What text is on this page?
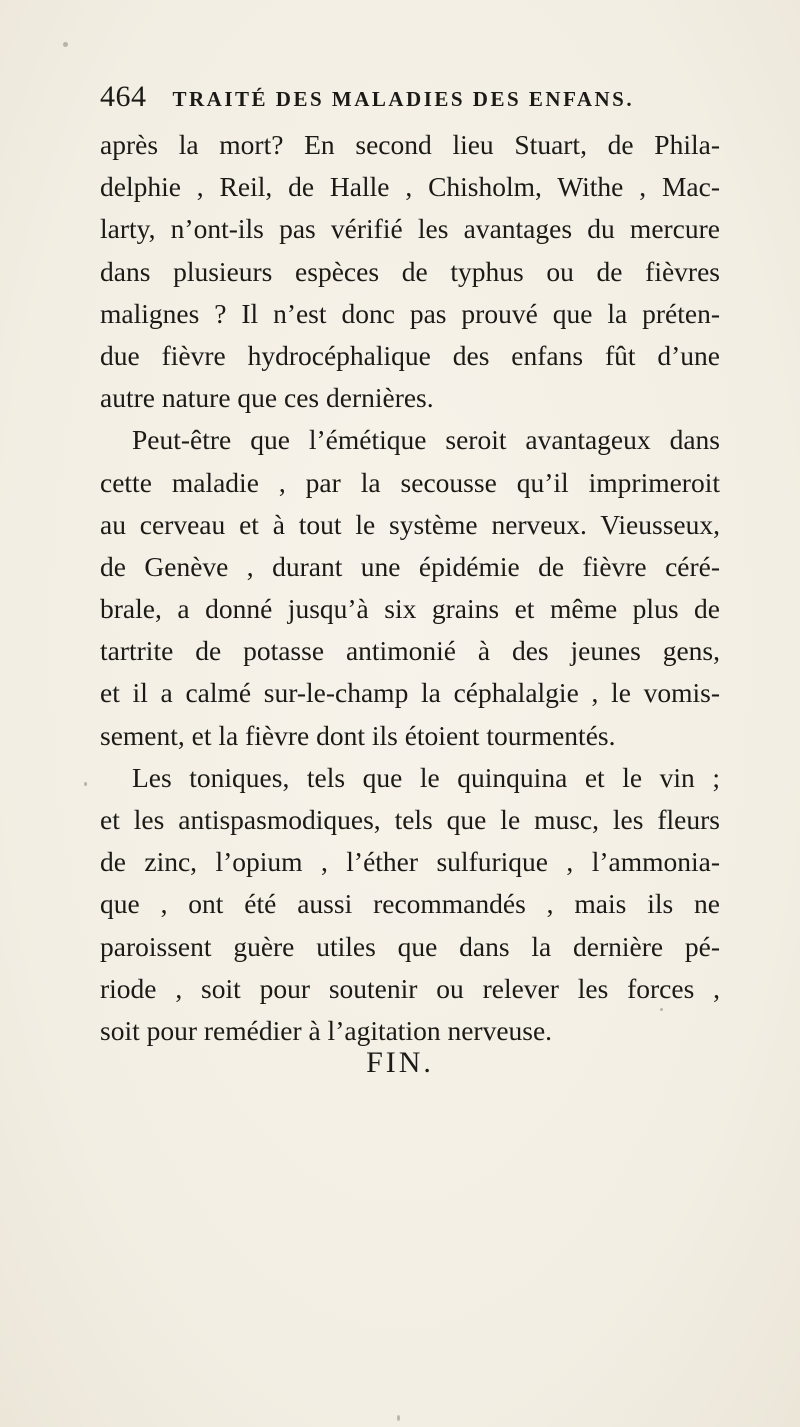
464 TRAITÉ DES MALADIES DES ENFANS.
après la mort? En second lieu Stuart, de Phila-
delphie , Reil, de Halle , Chisholm, Withe , Mac-
larty, n’ont-ils pas vérifié les avantages du mercure
dans plusieurs espèces de typhus ou de fièvres
malignes ? Il n’est donc pas prouvé que la préten-
due fièvre hydrocéphalique des enfans fût d’une
autre nature que ces dernières.
Peut-être que l’émétique seroit avantageux dans
cette maladie , par la secousse qu’il imprimeroit
au cerveau et à tout le système nerveux. Vieusseux,
de Genève , durant une épidémie de fièvre céré-
brale, a donné jusqu’à six grains et même plus de
tartrite de potasse antimonié à des jeunes gens,
et il a calmé sur-le-champ la céphalalgie , le vomis-
sement, et la fièvre dont ils étoient tourmentés.
Les toniques, tels que le quinquina et le vin ;
et les antispasmodiques, tels que le musc, les fleurs
de zinc, l’opium , l’éther sulfurique , l’ammonia-
que , ont été aussi recommandés , mais ils ne
paroissent guère utiles que dans la dernière pé-
riode , soit pour soutenir ou relever les forces ,
soit pour remédier à l’agitation nerveuse.
FIN.
